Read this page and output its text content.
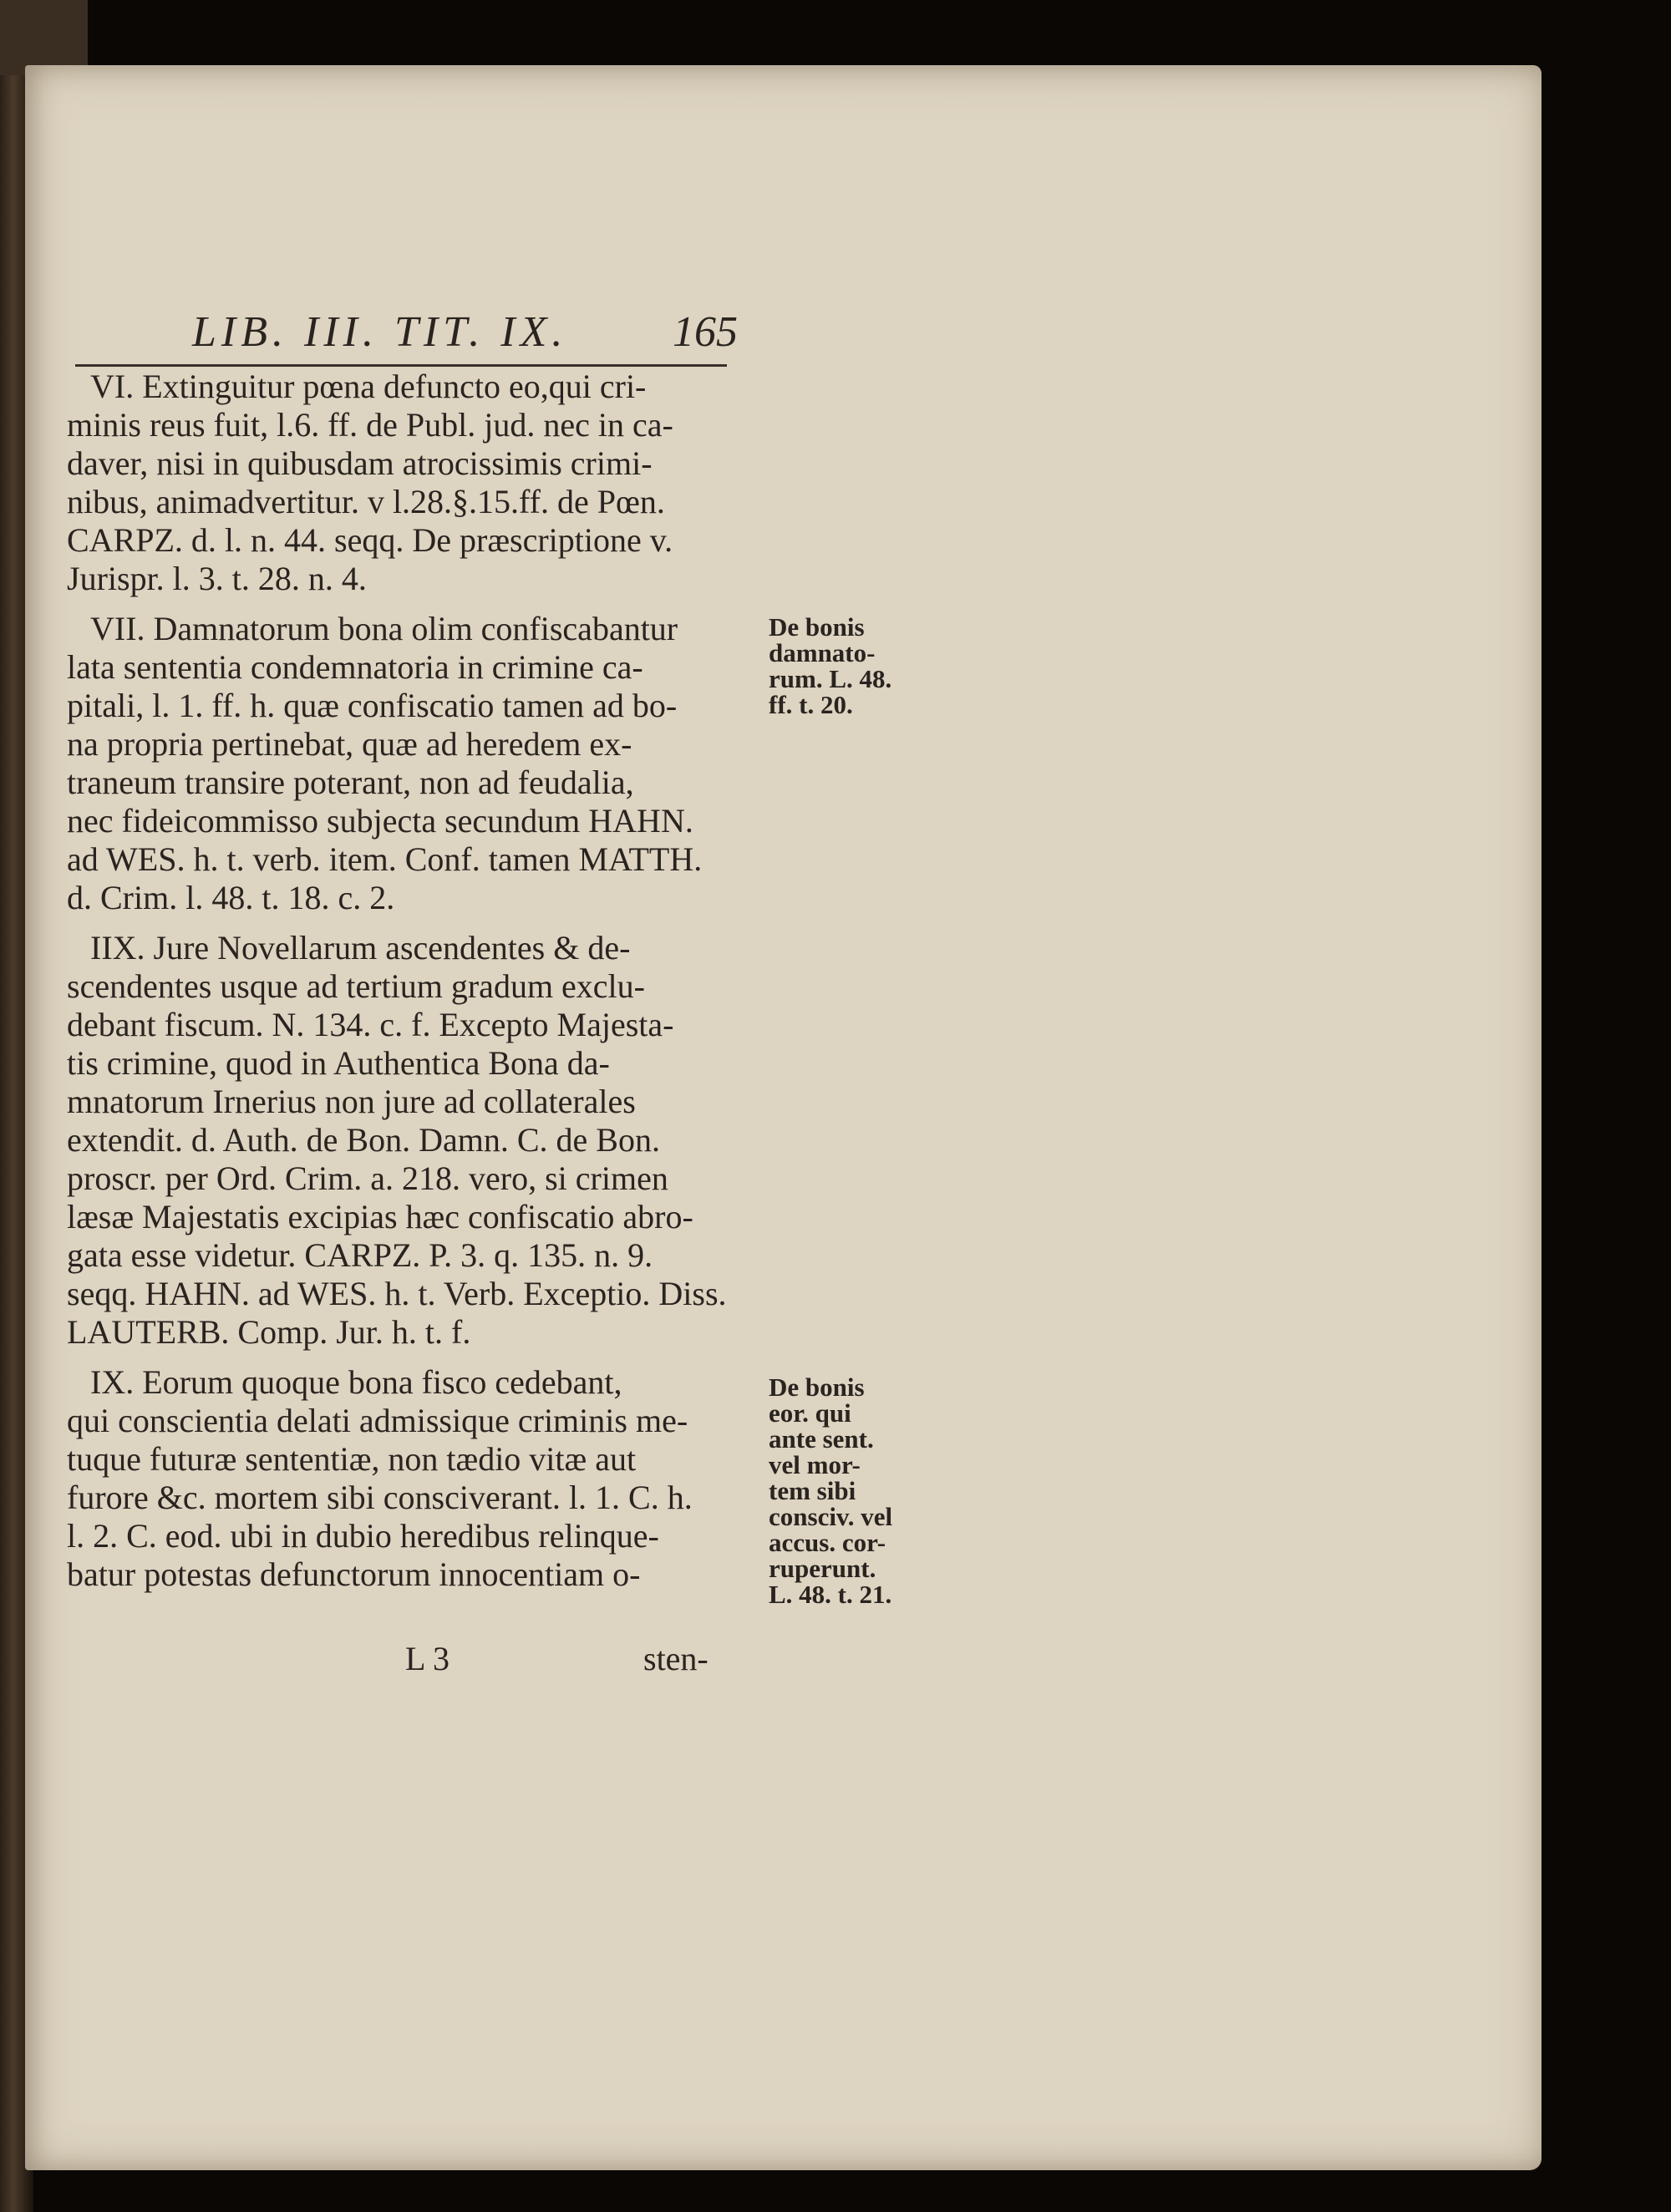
LIB. III. TIT. IX. 165
VI. Extinguitur pœna defuncto eo,qui cri-
minis reus fuit, l.6. ff. de Publ. jud. nec in ca-
daver, nisi in quibusdam atrocissimis crimi-
nibus, animadvertitur. v l.28.§.15.ff. de Pœn.
CARPZ. d. l. n. 44. seqq. De præscriptione v.
Jurispr. l. 3. t. 28. n. 4.
VII. Damnatorum bona olim confiscabantur
lata sententia condemnatoria in crimine ca-
pitali, l. 1. ff. h. quæ confiscatio tamen ad bo-
na propria pertinebat, quæ ad heredem ex-
traneum transire poterant, non ad feudalia,
nec fideicommisso subjecta secundum HAHN.
ad WES. h. t. verb. item. Conf. tamen MATTH.
d. Crim. l. 48. t. 18. c. 2.
De bonis
damnato-
rum. L. 48.
ff. t. 20.
IIX. Jure Novellarum ascendentes & de-
scendentes usque ad tertium gradum exclu-
debant fiscum. N. 134. c. f. Excepto Majesta-
tis crimine, quod in Authentica Bona da-
mnatorum Irnerius non jure ad collaterales
extendit. d. Auth. de Bon. Damn. C. de Bon.
proscr. per Ord. Crim. a. 218. vero, si crimen
læsæ Majestatis excipias hæc confiscatio abro-
gata esse videtur. CARPZ. P. 3. q. 135. n. 9.
seqq. HAHN. ad WES. h. t. Verb. Exceptio. Diss.
LAUTERB. Comp. Jur. h. t. f.
IX. Eorum quoque bona fisco cedebant,
qui conscientia delati admissique criminis me-
tuque futuræ sententiæ, non tædio vitæ aut
furore &c. mortem sibi consciverant. l. 1. C. h.
l. 2. C. eod. ubi in dubio heredibus relinque-
batur potestas defunctorum innocentiam o-
De bonis
eor. qui
ante sent.
vel mor-
tem sibi
consciv. vel
accus. cor-
ruperunt.
L. 48. t. 21.
L 3	sten-
